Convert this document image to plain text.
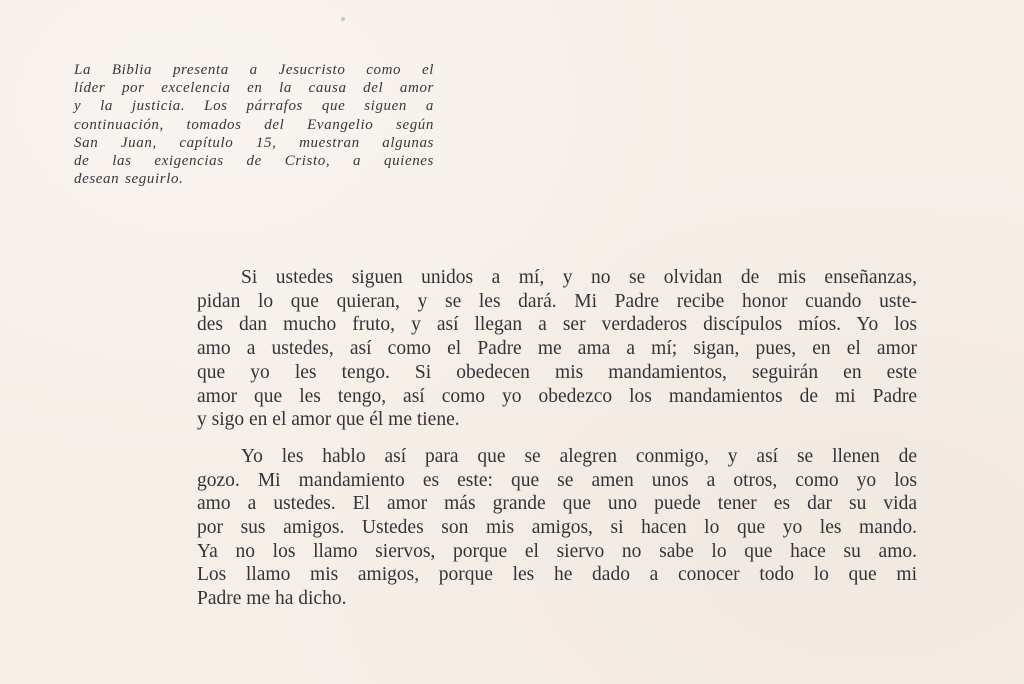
La Biblia presenta a Jesucristo como el
líder por excelencia en la causa del amor
y la justicia. Los párrafos que siguen a
continuación, tomados del Evangelio según
San Juan, capítulo 15, muestran algunas
de las exigencias de Cristo, a quienes
desean seguirlo.
Si ustedes siguen unidos a mí, y no se olvidan de mis enseñanzas,
pidan lo que quieran, y se les dará. Mi Padre recibe honor cuando uste-
des dan mucho fruto, y así llegan a ser verdaderos discípulos míos. Yo los
amo a ustedes, así como el Padre me ama a mí; sigan, pues, en el amor
que yo les tengo. Si obedecen mis mandamientos, seguirán en este
amor que les tengo, así como yo obedezco los mandamientos de mi Padre
y sigo en el amor que él me tiene.
Yo les hablo así para que se alegren conmigo, y así se llenen de
gozo. Mi mandamiento es este: que se amen unos a otros, como yo los
amo a ustedes. El amor más grande que uno puede tener es dar su vida
por sus amigos. Ustedes son mis amigos, si hacen lo que yo les mando.
Ya no los llamo siervos, porque el siervo no sabe lo que hace su amo.
Los llamo mis amigos, porque les he dado a conocer todo lo que mi
Padre me ha dicho.
